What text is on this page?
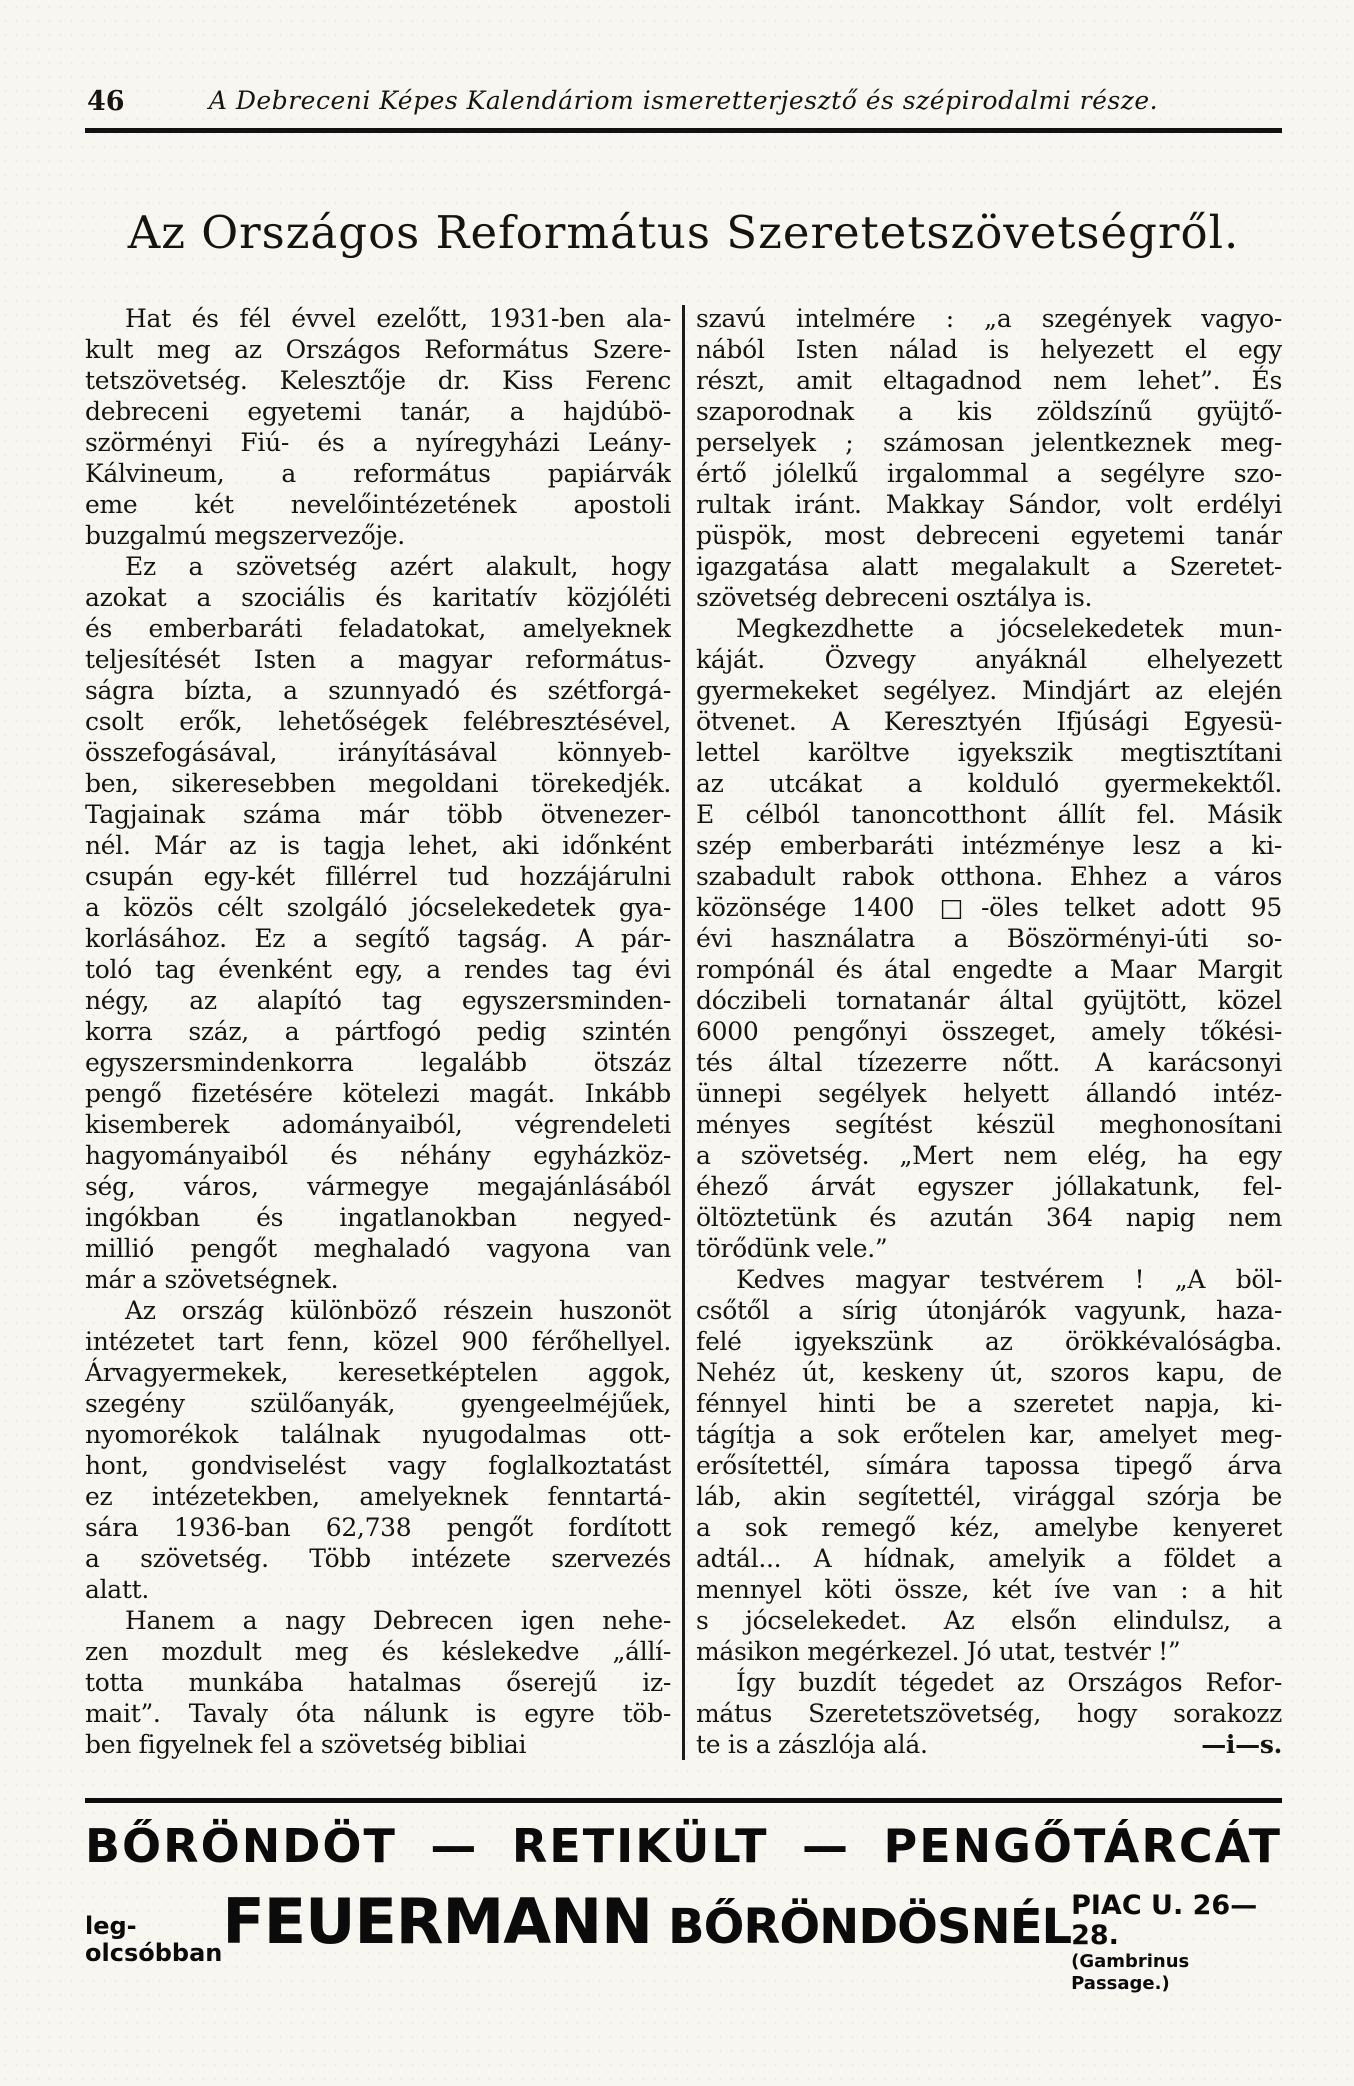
46	A Debreceni Képes Kalendáriom ismeretterjesztő és szépirodalmi része.
Az Országos Református Szeretetszövetségről.
Hat és fél évvel ezelőtt, 1931-ben ala-
kult meg az Országos Református Szere-
tetszövetség. Kelesztője dr. Kiss Ferenc
debreceni egyetemi tanár, a hajdúbö-
szörményi Fiú- és a nyíregyházi Leány-
Kálvineum, a református papiárvák
eme két nevelőintézetének apostoli
buzgalmú megszervezője.
Ez a szövetség azért alakult, hogy
azokat a szociális és karitatív közjóléti
és emberbaráti feladatokat, amelyeknek
teljesítését Isten a magyar református-
ságra bízta, a szunnyadó és szétforgá-
csolt erők, lehetőségek felébresztésével,
összefogásával, irányításával könnyeb-
ben, sikeresebben megoldani törekedjék.
Tagjainak száma már több ötvenezer-
nél. Már az is tagja lehet, aki időnként
csupán egy-két fillérrel tud hozzájárulni
a közös célt szolgáló jócselekedetek gya-
korlásához. Ez a segítő tagság. A pár-
toló tag évenként egy, a rendes tag évi
négy, az alapító tag egyszersminden-
korra száz, a pártfogó pedig szintén
egyszersmindenkorra legalább ötszáz
pengő fizetésére kötelezi magát. Inkább
kisemberek adományaiból, végrendeleti
hagyományaiból és néhány egyházköz-
ség, város, vármegye megajánlásából
ingókban és ingatlanokban negyed-
millió pengőt meghaladó vagyona van
már a szövetségnek.
Az ország különböző részein huszonöt
intézetet tart fenn, közel 900 férőhellyel.
Árvagyermekek, keresetképtelen aggok,
szegény szülőanyák, gyengeelméjűek,
nyomorékok találnak nyugodalmas ott-
hont, gondviselést vagy foglalkoztatást
ez intézetekben, amelyeknek fenntartá-
sára 1936-ban 62,738 pengőt fordított
a szövetség. Több intézete szervezés
alatt.
Hanem a nagy Debrecen igen nehe-
zen mozdult meg és késlekedve „állí-
totta munkába hatalmas őserejű iz-
mait”. Tavaly óta nálunk is egyre töb-
ben figyelnek fel a szövetség bibliai
szavú intelmére : „a szegények vagyo-
nából Isten nálad is helyezett el egy
részt, amit eltagadnod nem lehet”. És
szaporodnak a kis zöldszínű gyüjtő-
perselyek ; számosan jelentkeznek meg-
értő jólelkű irgalommal a segélyre szo-
rultak iránt. Makkay Sándor, volt erdélyi
püspök, most debreceni egyetemi tanár
igazgatása alatt megalakult a Szeretet-
szövetség debreceni osztálya is.
Megkezdhette a jócselekedetek mun-
káját. Özvegy anyáknál elhelyezett
gyermekeket segélyez. Mindjárt az elején
ötvenet. A Keresztyén Ifjúsági Egyesü-
lettel karöltve igyekszik megtisztítani
az utcákat a kolduló gyermekektől.
E célból tanoncotthont állít fel. Másik
szép emberbaráti intézménye lesz a ki-
szabadult rabok otthona. Ehhez a város
közönsége 1400 □-öles telket adott 95
évi használatra a Böszörményi-úti so-
rompónál és átal engedte a Maar Margit
dóczibeli tornatanár által gyüjtött, közel
6000 pengőnyi összeget, amely tőkési-
tés által tízezerre nőtt. A karácsonyi
ünnepi segélyek helyett állandó intéz-
ményes segítést készül meghonosítani
a szövetség. „Mert nem elég, ha egy
éhező árvát egyszer jóllakatunk, fel-
öltöztetünk és azután 364 napig nem
törődünk vele.”
Kedves magyar testvérem ! „A böl-
csőtől a sírig útonjárók vagyunk, haza-
felé igyekszünk az örökkévalóságba.
Nehéz út, keskeny út, szoros kapu, de
fénnyel hinti be a szeretet napja, ki-
tágítja a sok erőtelen kar, amelyet meg-
erősítettél, símára tapossa tipegő árva
láb, akin segítettél, virággal szórja be
a sok remegő kéz, amelybe kenyeret
adtál... A hídnak, amelyik a földet a
mennyel köti össze, két íve van : a hit
s jócselekedet. Az elsőn elindulsz, a
másikon megérkezel. Jó utat, testvér !”
Így buzdít tégedet az Országos Refor-
mátus Szeretetszövetség, hogy sorakozz
te is a zászlója alá.	—i—s.
BŐRÖNDÖT — RETIKÜLT — PENGŐTÁRCÁT
leg-
olcsóbban FEUERMANN BŐRÖNDÖSNÉL PIAC U. 26—28.
(Gambrinus Passage.)
